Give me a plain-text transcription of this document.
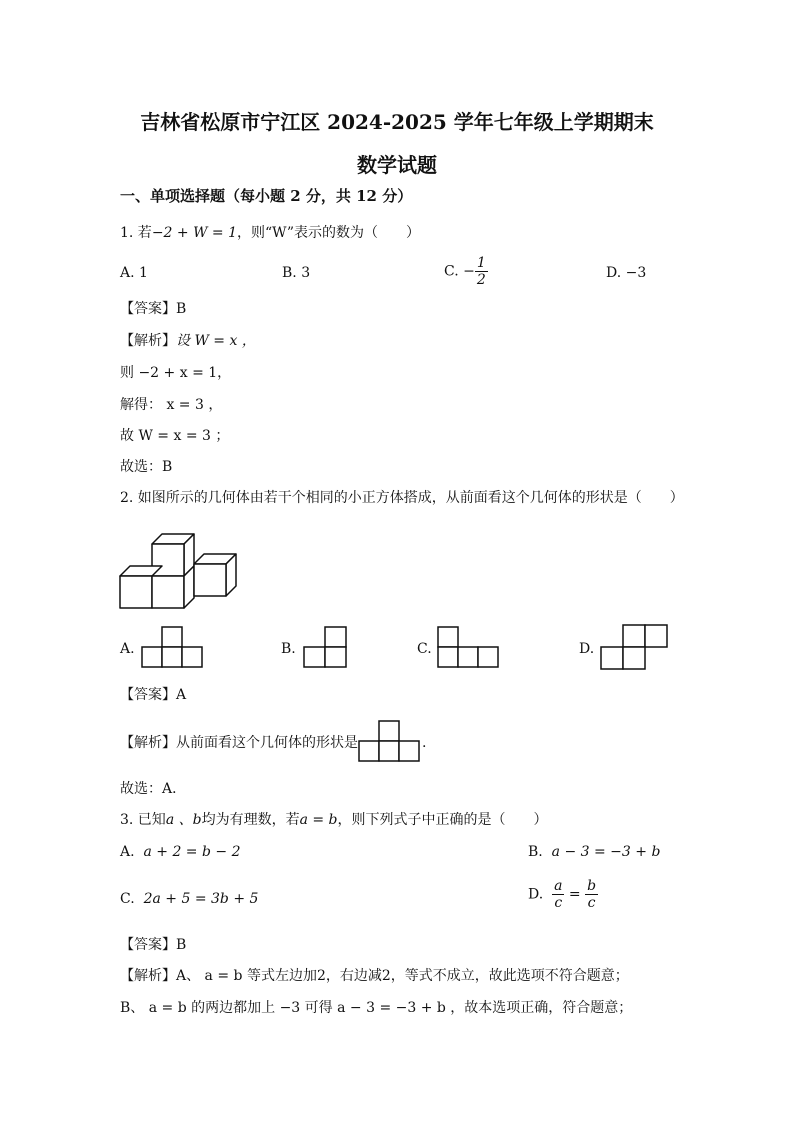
吉林省松原市宁江区 2024-2025 学年七年级上学期期末
数学试题
一、单项选择题（每小题 2 分，共 12 分）
1. 若−2 + W = 1，则“W”表示的数为（　　）
A. 1	B. 3	C. − $\frac{1}{2}$	D. −3
【答案】B
【解析】设 W = x ，
则 −2 + x = 1，
解得： x = 3 ，
故 W = x = 3 ；
故选：B
2. 如图所示的几何体由若干个相同的小正方体搭成，从前面看这个几何体的形状是（　　）
A.	B.	C.	D.
【答案】A
【解析】从前面看这个几何体的形状是	.
故选：A．
3. 已知a 、b均为有理数，若a = b，则下列式子中正确的是（　　）
A. a + 2 = b − 2	B. a − 3 = −3 + b
C. 2a + 5 = 3b + 5	D. $\frac{a}{c} = \frac{b}{c}$
【答案】B
【解析】A、 a = b 等式左边加2，右边减2，等式不成立，故此选项不符合题意；
B、 a = b 的两边都加上 −3 可得 a − 3 = −3 + b ，故本选项正确，符合题意；
